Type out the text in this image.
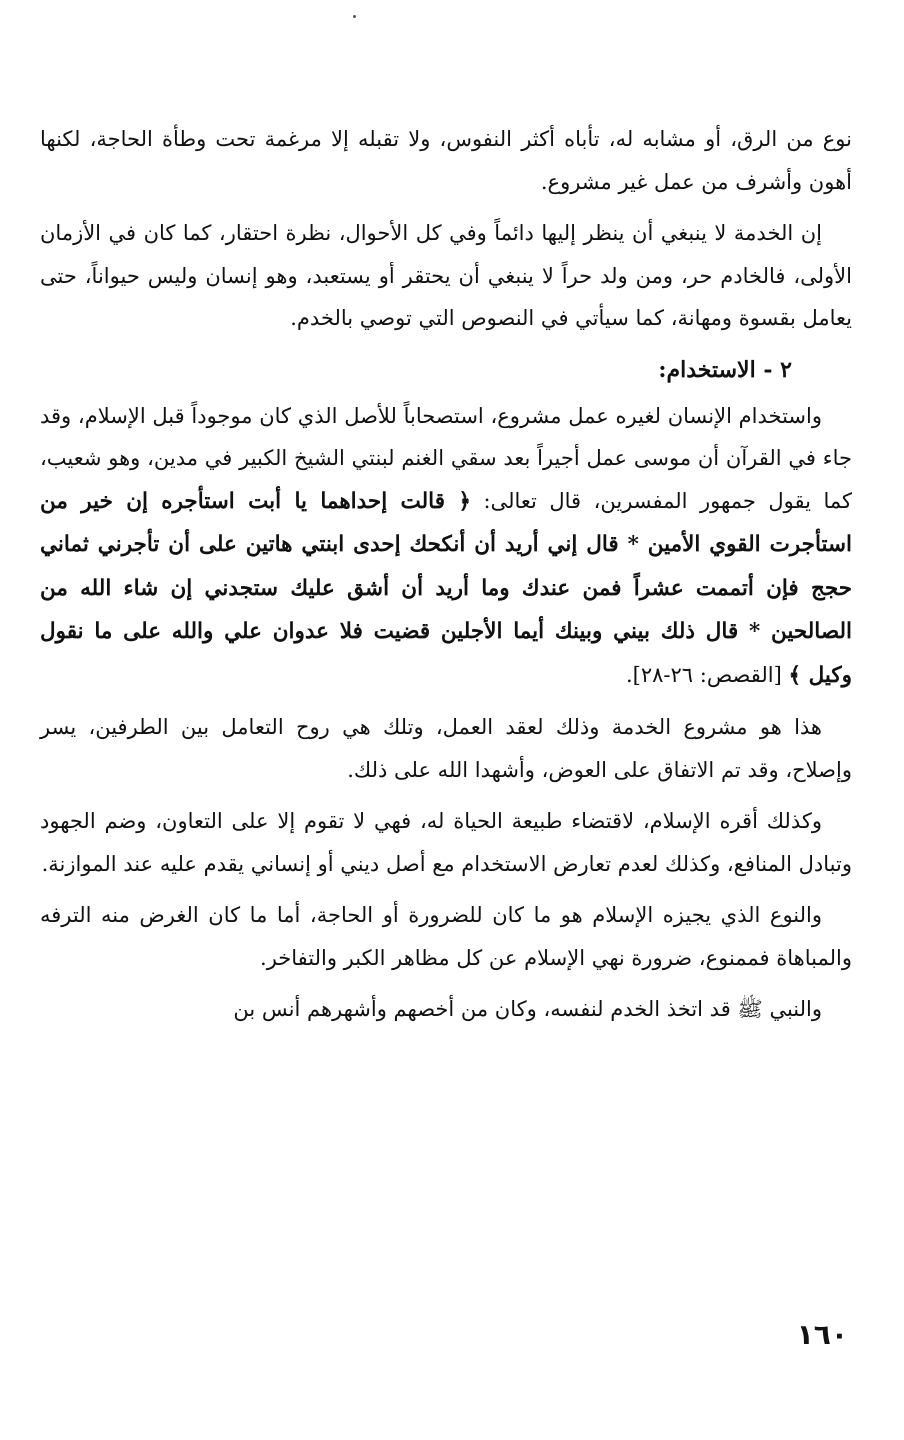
نوع من الرق، أو مشابه له، تأباه أكثر النفوس، ولا تقبله إلا مرغمة تحت وطأة الحاجة، لكنها أهون وأشرف من عمل غير مشروع.

إن الخدمة لا ينبغي أن ينظر إليها دائماً وفي كل الأحوال، نظرة احتقار، كما كان في الأزمان الأولى، فالخادم حر، ومن ولد حراً لا ينبغي أن يحتقر أو يستعبد، وهو إنسان وليس حيواناً، حتى يعامل بقسوة ومهانة، كما سيأتي في النصوص التي توصي بالخدم.

٢ - الاستخدام:

واستخدام الإنسان لغيره عمل مشروع، استصحاباً للأصل الذي كان موجوداً قبل الإسلام، وقد جاء في القرآن أن موسى عمل أجيراً بعد سقي الغنم لبنتي الشيخ الكبير في مدين، وهو شعيب، كما يقول جمهور المفسرين، قال تعالى: ﴿ قالت إحداهما يا أبت استأجره إن خير من استأجرت القوي الأمين * قال إني أريد أن أنكحك إحدى ابنتي هاتين على أن تأجرني ثماني حجج فإن أتممت عشراً فمن عندك وما أريد أن أشق عليك ستجدني إن شاء الله من الصالحين * قال ذلك بيني وبينك أيما الأجلين قضيت فلا عدوان علي والله على ما نقول وكيل ﴾ [القصص: ٢٦-٢٨].

هذا هو مشروع الخدمة وذلك لعقد العمل، وتلك هي روح التعامل بين الطرفين، يسر وإصلاح، وقد تم الاتفاق على العوض، وأشهدا الله على ذلك.

وكذلك أقره الإسلام، لاقتضاء طبيعة الحياة له، فهي لا تقوم إلا على التعاون، وضم الجهود وتبادل المنافع، وكذلك لعدم تعارض الاستخدام مع أصل ديني أو إنساني يقدم عليه عند الموازنة.

والنوع الذي يجيزه الإسلام هو ما كان للضرورة أو الحاجة، أما ما كان الغرض منه الترفه والمباهاة فممنوع، ضرورة نهي الإسلام عن كل مظاهر الكبر والتفاخر.

والنبي ﷺ قد اتخذ الخدم لنفسه، وكان من أخصهم وأشهرهم أنس بن

١٦٠
